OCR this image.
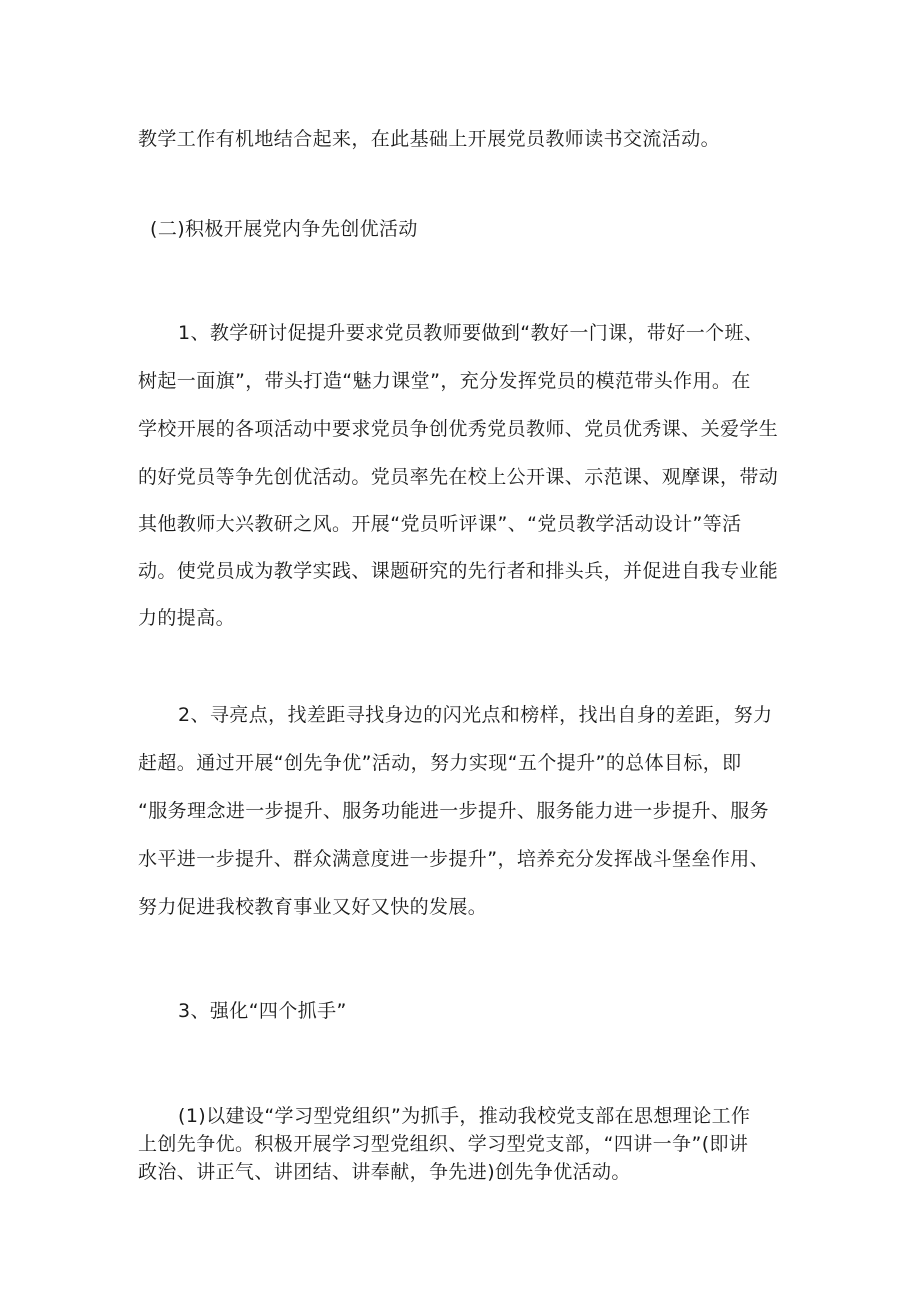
教学工作有机地结合起来，在此基础上开展党员教师读书交流活动。
(二)积极开展党内争先创优活动
1、教学研讨促提升要求党员教师要做到“教好一门课，带好一个班、
树起一面旗”，带头打造“魅力课堂”，充分发挥党员的模范带头作用。在
学校开展的各项活动中要求党员争创优秀党员教师、党员优秀课、关爱学生
的好党员等争先创优活动。党员率先在校上公开课、示范课、观摩课，带动
其他教师大兴教研之风。开展“党员听评课”、“党员教学活动设计”等活
动。使党员成为教学实践、课题研究的先行者和排头兵，并促进自我专业能
力的提高。
2、寻亮点，找差距寻找身边的闪光点和榜样，找出自身的差距，努力
赶超。通过开展“创先争优”活动，努力实现“五个提升”的总体目标，即
“服务理念进一步提升、服务功能进一步提升、服务能力进一步提升、服务
水平进一步提升、群众满意度进一步提升”，培养充分发挥战斗堡垒作用、
努力促进我校教育事业又好又快的发展。
3、强化“四个抓手”
(1)以建设“学习型党组织”为抓手，推动我校党支部在思想理论工作
上创先争优。积极开展学习型党组织、学习型党支部，“四讲一争”(即讲
政治、讲正气、讲团结、讲奉献，争先进)创先争优活动。
